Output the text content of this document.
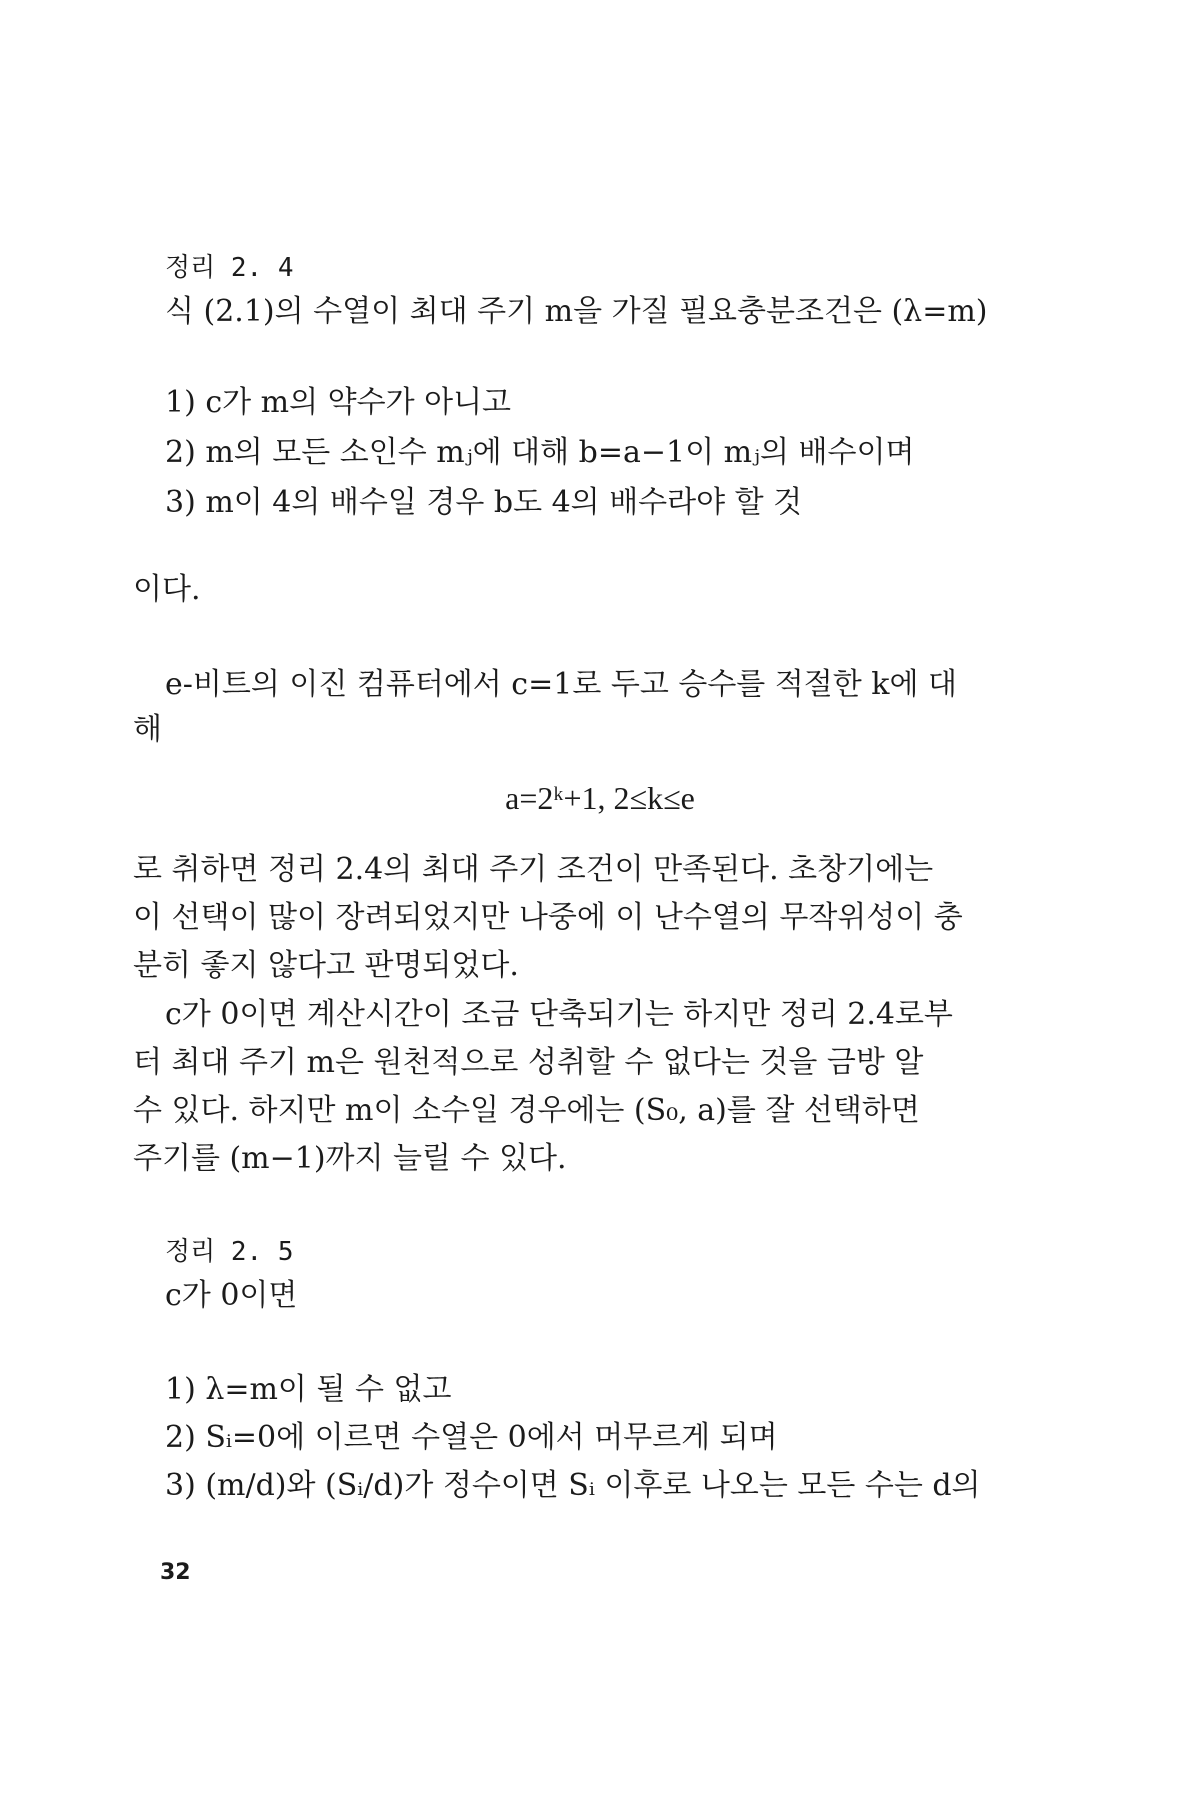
정리 2. 4
식 (2.1)의 수열이 최대 주기 m을 가질 필요충분조건은 (λ=m)
1) c가 m의 약수가 아니고
2) m의 모든 소인수 mⱼ에 대해 b=a−1이 mⱼ의 배수이며
3) m이 4의 배수일 경우 b도 4의 배수라야 할 것
이다.
e-비트의 이진 컴퓨터에서 c=1로 두고 승수를 적절한 k에 대
해
a=2ᵏ+1, 2≤k≤e
로 취하면 정리 2.4의 최대 주기 조건이 만족된다. 초창기에는
이 선택이 많이 장려되었지만 나중에 이 난수열의 무작위성이 충
분히 좋지 않다고 판명되었다.
c가 0이면 계산시간이 조금 단축되기는 하지만 정리 2.4로부
터 최대 주기 m은 원천적으로 성취할 수 없다는 것을 금방 알
수 있다. 하지만 m이 소수일 경우에는 (S₀, a)를 잘 선택하면
주기를 (m−1)까지 늘릴 수 있다.
정리 2. 5
c가 0이면
1) λ=m이 될 수 없고
2) Sᵢ=0에 이르면 수열은 0에서 머무르게 되며
3) (m/d)와 (Sᵢ/d)가 정수이면 Sᵢ 이후로 나오는 모든 수는 d의
32
